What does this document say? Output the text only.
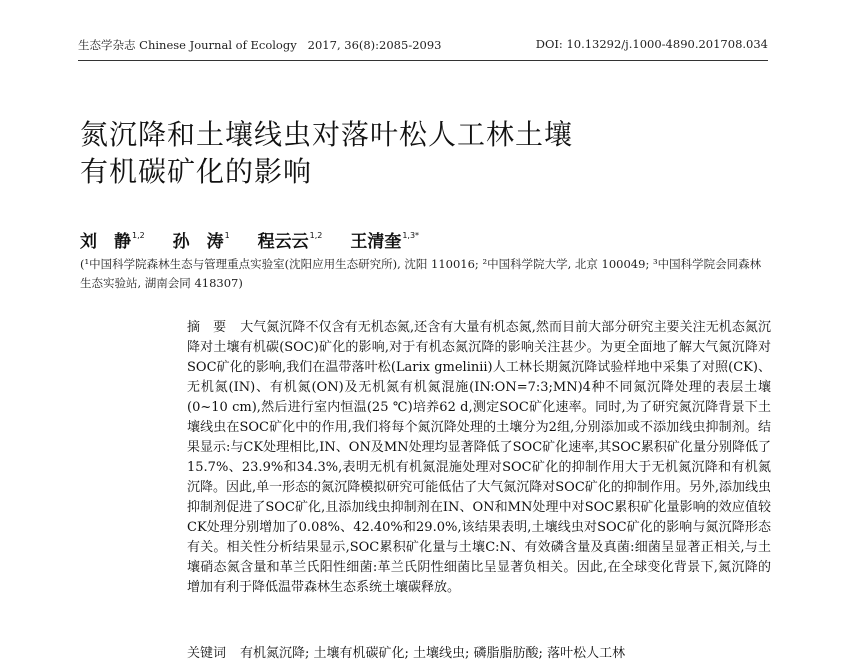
生态学杂志 Chinese Journal of Ecology 2017, 36(8):2085-2093	DOI: 10.13292/j.1000-4890.201708.034
氮沉降和土壤线虫对落叶松人工林土壤
有机碳矿化的影响
刘　静$^{1,2}$ 孙　涛$^1$ 程云云$^{1,2}$ 王清奎$^{1,3*}$
(¹中国科学院森林生态与管理重点实验室(沈阳应用生态研究所), 沈阳 110016; ²中国科学院大学, 北京 100049; ³中国科学院会同森林生态实验站, 湖南会同 418307)
摘　要 大气氮沉降不仅含有无机态氮,还含有大量有机态氮,然而目前大部分研究主要关注无机态氮沉降对土壤有机碳(SOC)矿化的影响,对于有机态氮沉降的影响关注甚少。为更全面地了解大气氮沉降对SOC矿化的影响,我们在温带落叶松(Larix gmelinii)人工林长期氮沉降试验样地中采集了对照(CK)、无机氮(IN)、有机氮(ON)及无机氮有机氮混施(IN:ON=7:3;MN)4种不同氮沉降处理的表层土壤(0~10 cm),然后进行室内恒温(25 ℃)培养62 d,测定SOC矿化速率。同时,为了研究氮沉降背景下土壤线虫在SOC矿化中的作用,我们将每个氮沉降处理的土壤分为2组,分别添加或不添加线虫抑制剂。结果显示:与CK处理相比,IN、ON及MN处理均显著降低了SOC矿化速率,其SOC累积矿化量分别降低了15.7%、23.9%和34.3%,表明无机有机氮混施处理对SOC矿化的抑制作用大于无机氮沉降和有机氮沉降。因此,单一形态的氮沉降模拟研究可能低估了大气氮沉降对SOC矿化的抑制作用。另外,添加线虫抑制剂促进了SOC矿化,且添加线虫抑制剂在IN、ON和MN处理中对SOC累积矿化量影响的效应值较CK处理分别增加了0.08%、42.40%和29.0%,该结果表明,土壤线虫对SOC矿化的影响与氮沉降形态有关。相关性分析结果显示,SOC累积矿化量与土壤C:N、有效磷含量及真菌:细菌呈显著正相关,与土壤硝态氮含量和革兰氏阳性细菌:革兰氏阴性细菌比呈显著负相关。因此,在全球变化背景下,氮沉降的增加有利于降低温带森林生态系统土壤碳释放。
关键词 有机氮沉降; 土壤有机碳矿化; 土壤线虫; 磷脂脂肪酸; 落叶松人工林
